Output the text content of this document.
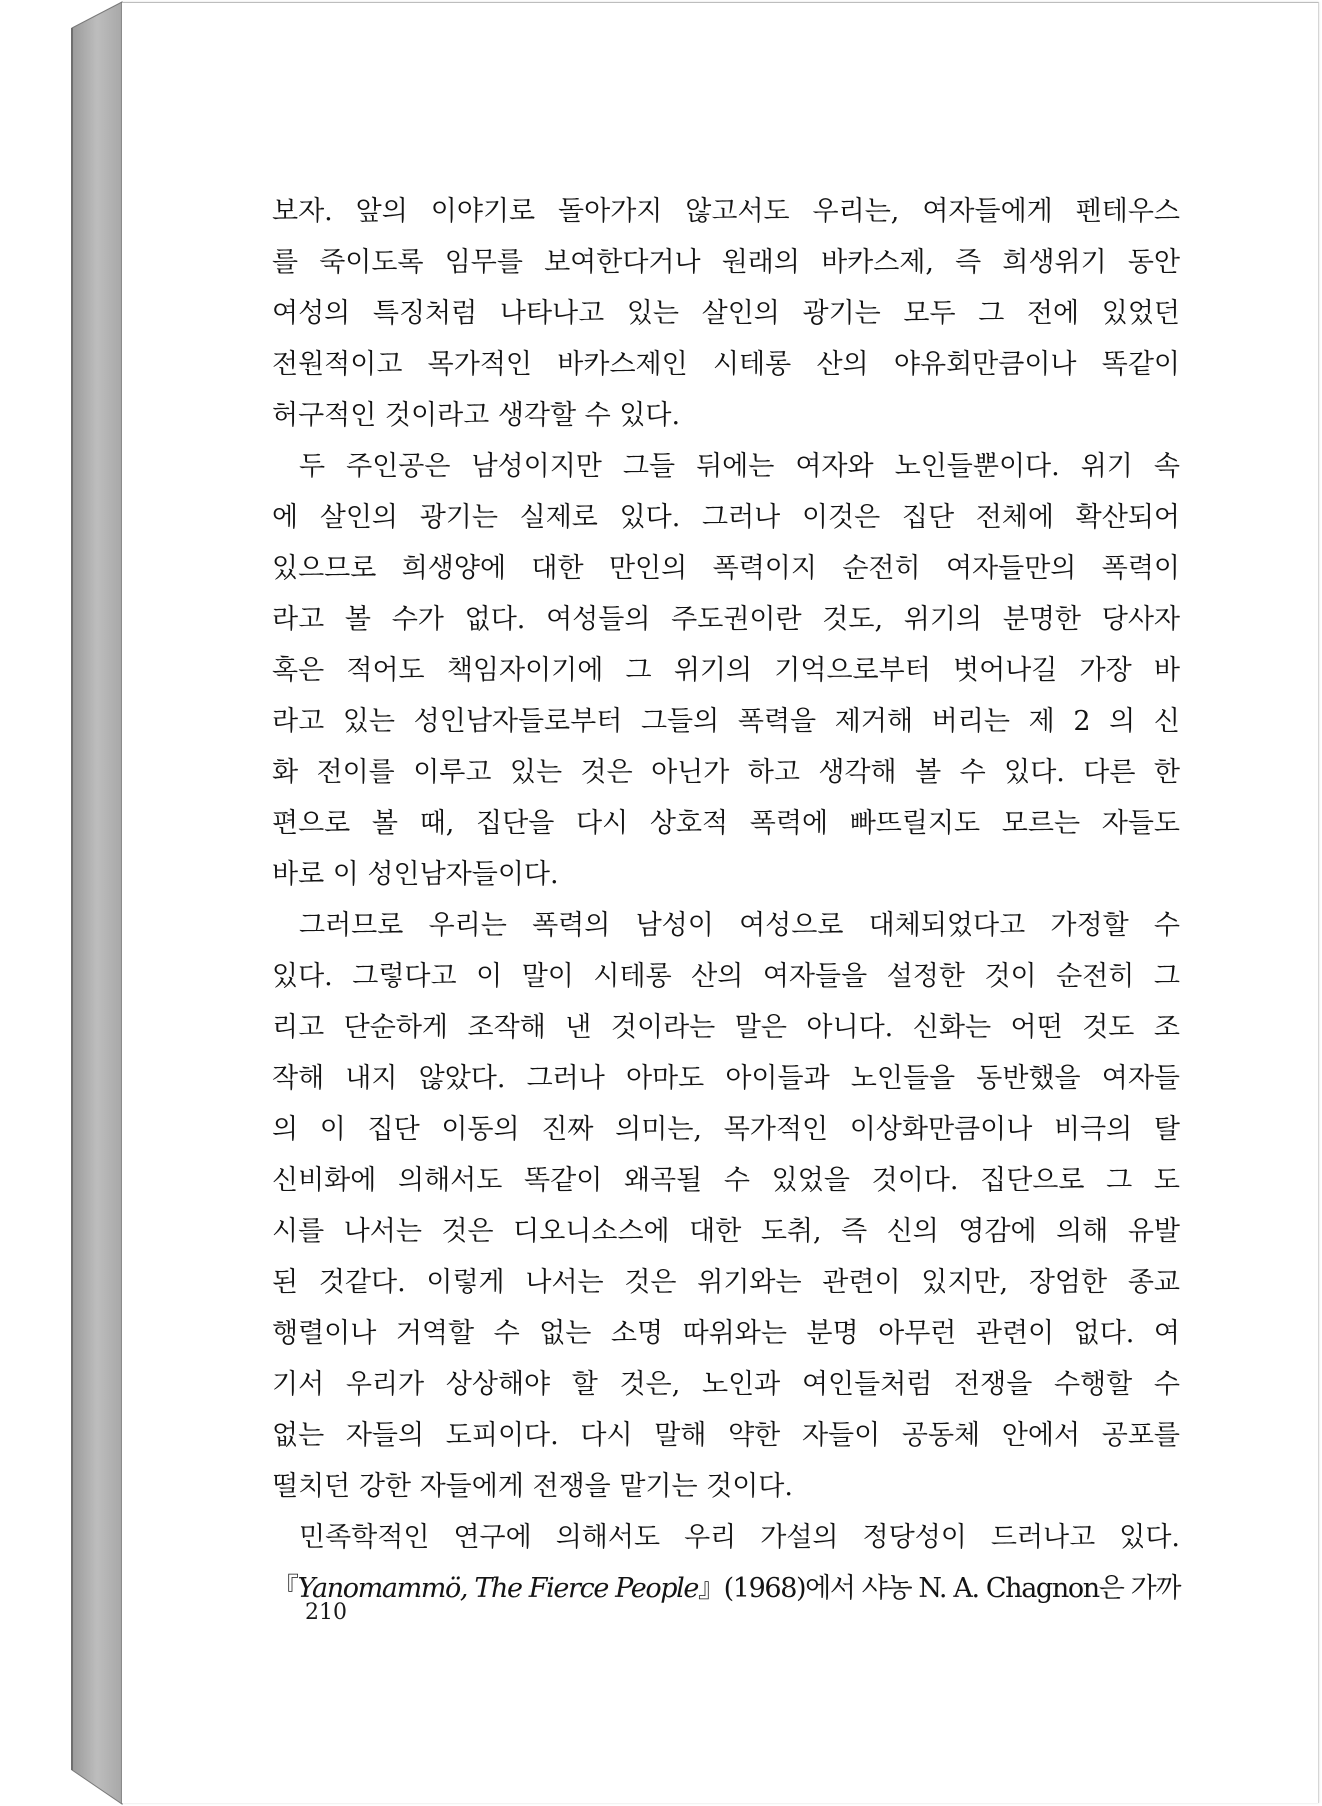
보자. 앞의 이야기로 돌아가지 않고서도 우리는, 여자들에게 펜테우스
를 죽이도록 임무를 보여한다거나 원래의 바카스제, 즉 희생위기 동안
여성의 특징처럼 나타나고 있는 살인의 광기는 모두 그 전에 있었던
전원적이고 목가적인 바카스제인 시테롱 산의 야유회만큼이나 똑같이
허구적인 것이라고 생각할 수 있다.
두 주인공은 남성이지만 그들 뒤에는 여자와 노인들뿐이다. 위기 속
에 살인의 광기는 실제로 있다. 그러나 이것은 집단 전체에 확산되어
있으므로 희생양에 대한 만인의 폭력이지 순전히 여자들만의 폭력이
라고 볼 수가 없다. 여성들의 주도권이란 것도, 위기의 분명한 당사자
혹은 적어도 책임자이기에 그 위기의 기억으로부터 벗어나길 가장 바
라고 있는 성인남자들로부터 그들의 폭력을 제거해 버리는 제 2 의 신
화 전이를 이루고 있는 것은 아닌가 하고 생각해 볼 수 있다. 다른 한
편으로 볼 때, 집단을 다시 상호적 폭력에 빠뜨릴지도 모르는 자들도
바로 이 성인남자들이다.
그러므로 우리는 폭력의 남성이 여성으로 대체되었다고 가정할 수
있다. 그렇다고 이 말이 시테롱 산의 여자들을 설정한 것이 순전히 그
리고 단순하게 조작해 낸 것이라는 말은 아니다. 신화는 어떤 것도 조
작해 내지 않았다. 그러나 아마도 아이들과 노인들을 동반했을 여자들
의 이 집단 이동의 진짜 의미는, 목가적인 이상화만큼이나 비극의 탈
신비화에 의해서도 똑같이 왜곡될 수 있었을 것이다. 집단으로 그 도
시를 나서는 것은 디오니소스에 대한 도취, 즉 신의 영감에 의해 유발
된 것같다. 이렇게 나서는 것은 위기와는 관련이 있지만, 장엄한 종교
행렬이나 거역할 수 없는 소명 따위와는 분명 아무런 관련이 없다. 여
기서 우리가 상상해야 할 것은, 노인과 여인들처럼 전쟁을 수행할 수
없는 자들의 도피이다. 다시 말해 약한 자들이 공동체 안에서 공포를
떨치던 강한 자들에게 전쟁을 맡기는 것이다.
민족학적인 연구에 의해서도 우리 가설의 정당성이 드러나고 있다.
『Yanomammö, The Fierce People』(1968)에서 샤농 N. A. Chagnon은 가까
210
